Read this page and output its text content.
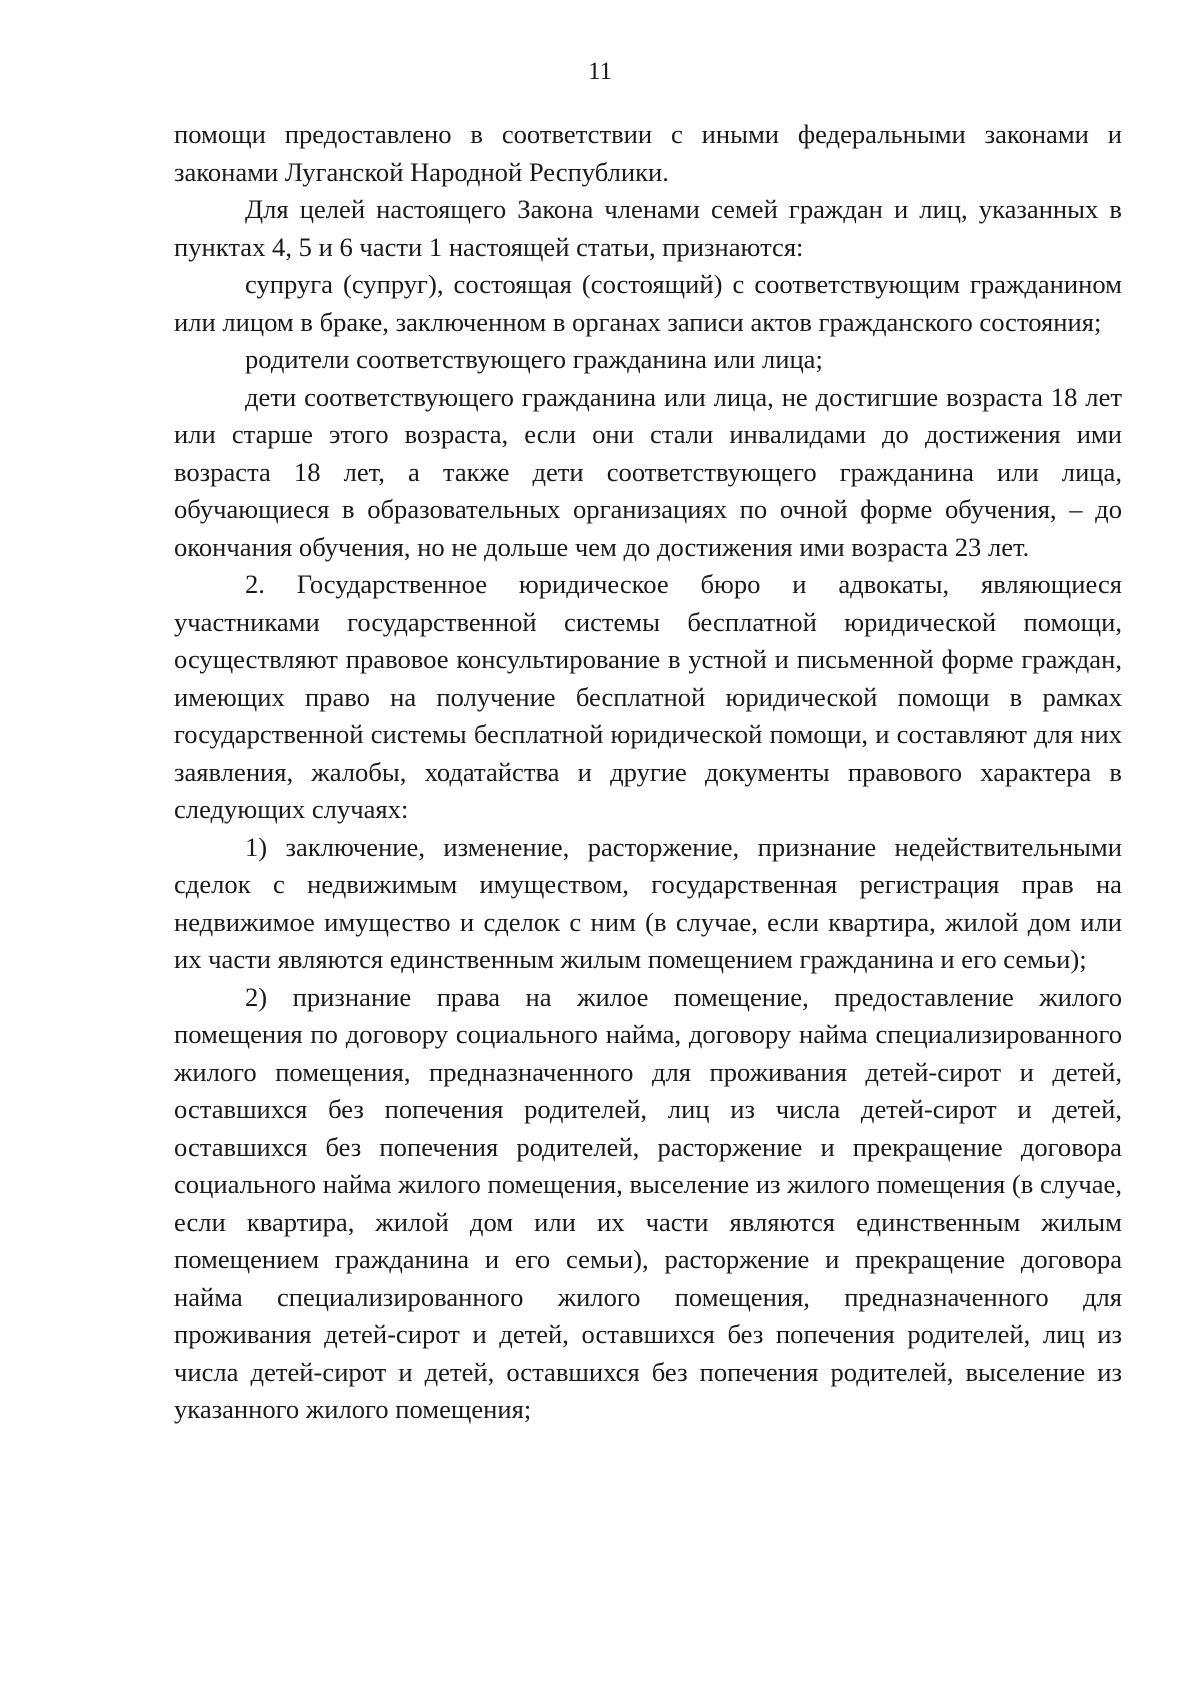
11

помощи предоставлено в соответствии с иными федеральными законами и законами Луганской Народной Республики.

Для целей настоящего Закона членами семей граждан и лиц, указанных в пунктах 4, 5 и 6 части 1 настоящей статьи, признаются:

супруга (супруг), состоящая (состоящий) с соответствующим гражданином или лицом в браке, заключенном в органах записи актов гражданского состояния;

родители соответствующего гражданина или лица;

дети соответствующего гражданина или лица, не достигшие возраста 18 лет или старше этого возраста, если они стали инвалидами до достижения ими возраста 18 лет, а также дети соответствующего гражданина или лица, обучающиеся в образовательных организациях по очной форме обучения, – до окончания обучения, но не дольше чем до достижения ими возраста 23 лет.

2. Государственное юридическое бюро и адвокаты, являющиеся участниками государственной системы бесплатной юридической помощи, осуществляют правовое консультирование в устной и письменной форме граждан, имеющих право на получение бесплатной юридической помощи в рамках государственной системы бесплатной юридической помощи, и составляют для них заявления, жалобы, ходатайства и другие документы правового характера в следующих случаях:

1) заключение, изменение, расторжение, признание недействительными сделок с недвижимым имуществом, государственная регистрация прав на недвижимое имущество и сделок с ним (в случае, если квартира, жилой дом или их части являются единственным жилым помещением гражданина и его семьи);

2) признание права на жилое помещение, предоставление жилого помещения по договору социального найма, договору найма специализированного жилого помещения, предназначенного для проживания детей-сирот и детей, оставшихся без попечения родителей, лиц из числа детей-сирот и детей, оставшихся без попечения родителей, расторжение и прекращение договора социального найма жилого помещения, выселение из жилого помещения (в случае, если квартира, жилой дом или их части являются единственным жилым помещением гражданина и его семьи), расторжение и прекращение договора найма специализированного жилого помещения, предназначенного для проживания детей-сирот и детей, оставшихся без попечения родителей, лиц из числа детей-сирот и детей, оставшихся без попечения родителей, выселение из указанного жилого помещения;
